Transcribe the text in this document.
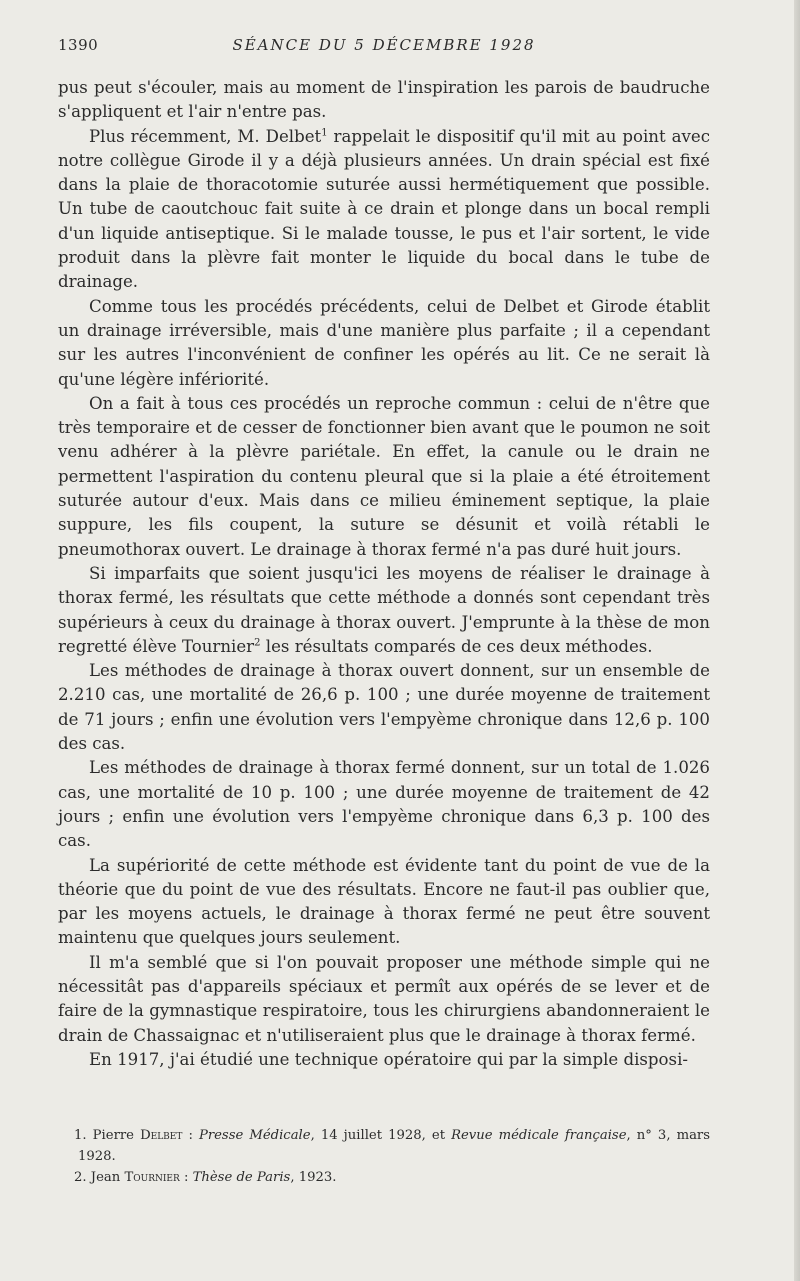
1390	SÉANCE DU 5 DÉCEMBRE 1928

pus peut s'écouler, mais au moment de l'inspiration les parois de baudruche s'appliquent et l'air n'entre pas.

Plus récemment, M. Delbet$^1$ rappelait le dispositif qu'il mit au point avec notre collègue Girode il y a déjà plusieurs années. Un drain spécial est fixé dans la plaie de thoracotomie suturée aussi hermétiquement que possible. Un tube de caoutchouc fait suite à ce drain et plonge dans un bocal rempli d'un liquide antiseptique. Si le malade tousse, le pus et l'air sortent, le vide produit dans la plèvre fait monter le liquide du bocal dans le tube de drainage.

Comme tous les procédés précédents, celui de Delbet et Girode établit un drainage irréversible, mais d'une manière plus parfaite ; il a cependant sur les autres l'inconvénient de confiner les opérés au lit. Ce ne serait là qu'une légère infériorité.

On a fait à tous ces procédés un reproche commun : celui de n'être que très temporaire et de cesser de fonctionner bien avant que le poumon ne soit venu adhérer à la plèvre pariétale. En effet, la canule ou le drain ne permettent l'aspiration du contenu pleural que si la plaie a été étroitement suturée autour d'eux. Mais dans ce milieu éminement septique, la plaie suppure, les fils coupent, la suture se désunit et voilà rétabli le pneumothorax ouvert. Le drainage à thorax fermé n'a pas duré huit jours.

Si imparfaits que soient jusqu'ici les moyens de réaliser le drainage à thorax fermé, les résultats que cette méthode a donnés sont cependant très supérieurs à ceux du drainage à thorax ouvert. J'emprunte à la thèse de mon regretté élève Tournier$^2$ les résultats comparés de ces deux méthodes.

Les méthodes de drainage à thorax ouvert donnent, sur un ensemble de 2.210 cas, une mortalité de 26,6 p. 100 ; une durée moyenne de traitement de 71 jours ; enfin une évolution vers l'empyème chronique dans 12,6 p. 100 des cas.

Les méthodes de drainage à thorax fermé donnent, sur un total de 1.026 cas, une mortalité de 10 p. 100 ; une durée moyenne de traitement de 42 jours ; enfin une évolution vers l'empyème chronique dans 6,3 p. 100 des cas.

La supériorité de cette méthode est évidente tant du point de vue de la théorie que du point de vue des résultats. Encore ne faut-il pas oublier que, par les moyens actuels, le drainage à thorax fermé ne peut être souvent maintenu que quelques jours seulement.

Il m'a semblé que si l'on pouvait proposer une méthode simple qui ne nécessitât pas d'appareils spéciaux et permît aux opérés de se lever et de faire de la gymnastique respiratoire, tous les chirurgiens abandonneraient le drain de Chassaignac et n'utiliseraient plus que le drainage à thorax fermé.

En 1917, j'ai étudié une technique opératoire qui par la simple disposi-

1. Pierre Delbet : Presse Médicale, 14 juillet 1928, et Revue médicale française, n° 3, mars 1928.

2. Jean Tournier : Thèse de Paris, 1923.
